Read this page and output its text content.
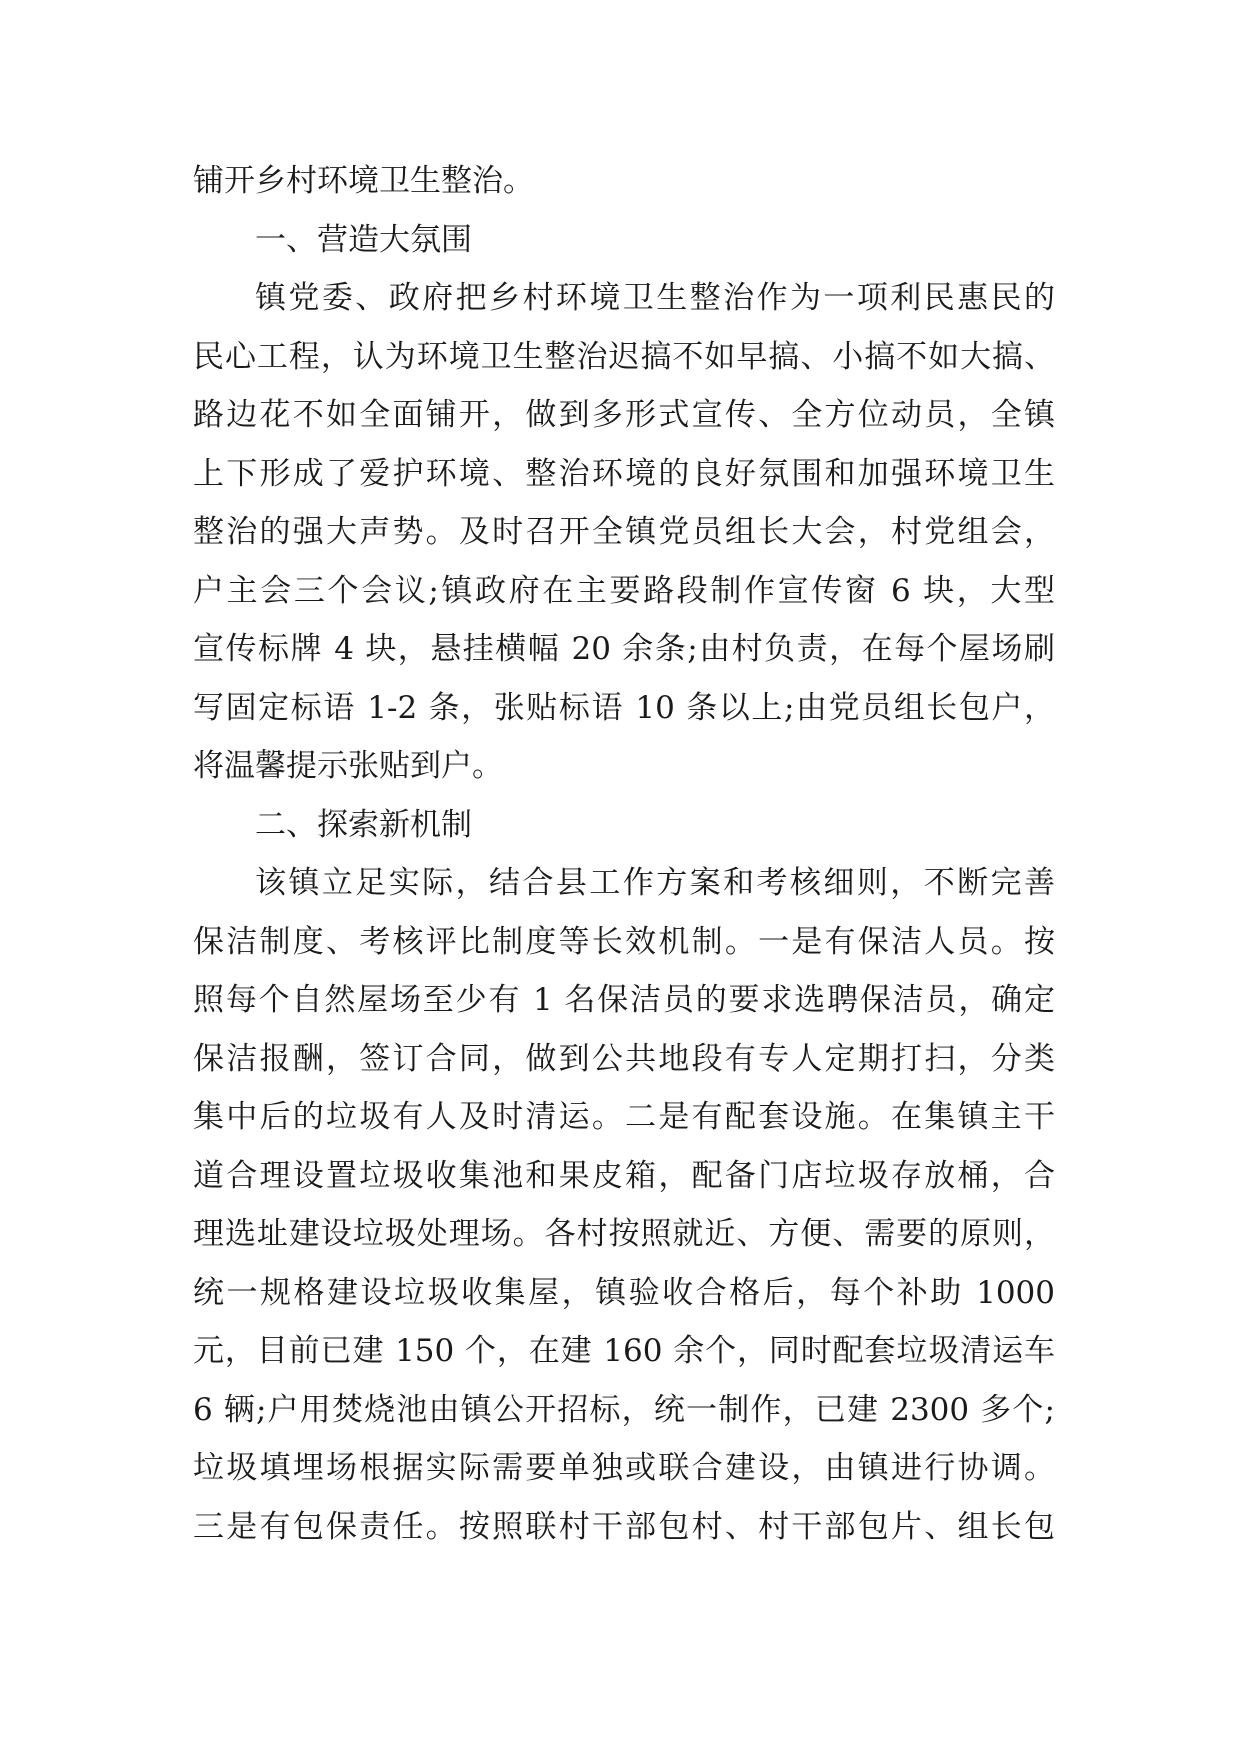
铺开乡村环境卫生整治。
一、营造大氛围
镇党委、政府把乡村环境卫生整治作为一项利民惠民的
民心工程，认为环境卫生整治迟搞不如早搞、小搞不如大搞、
路边花不如全面铺开，做到多形式宣传、全方位动员，全镇
上下形成了爱护环境、整治环境的良好氛围和加强环境卫生
整治的强大声势。及时召开全镇党员组长大会，村党组会，
户主会三个会议;镇政府在主要路段制作宣传窗 6 块，大型
宣传标牌 4 块，悬挂横幅 20 余条;由村负责，在每个屋场刷
写固定标语 1-2 条，张贴标语 10 条以上;由党员组长包户，
将温馨提示张贴到户。
二、探索新机制
该镇立足实际，结合县工作方案和考核细则，不断完善
保洁制度、考核评比制度等长效机制。一是有保洁人员。按
照每个自然屋场至少有 1 名保洁员的要求选聘保洁员，确定
保洁报酬，签订合同，做到公共地段有专人定期打扫，分类
集中后的垃圾有人及时清运。二是有配套设施。在集镇主干
道合理设置垃圾收集池和果皮箱，配备门店垃圾存放桶，合
理选址建设垃圾处理场。各村按照就近、方便、需要的原则，
统一规格建设垃圾收集屋，镇验收合格后，每个补助 1000
元，目前已建 150 个，在建 160 余个，同时配套垃圾清运车
6 辆;户用焚烧池由镇公开招标，统一制作，已建 2300 多个;
垃圾填埋场根据实际需要单独或联合建设，由镇进行协调。
三是有包保责任。按照联村干部包村、村干部包片、组长包
